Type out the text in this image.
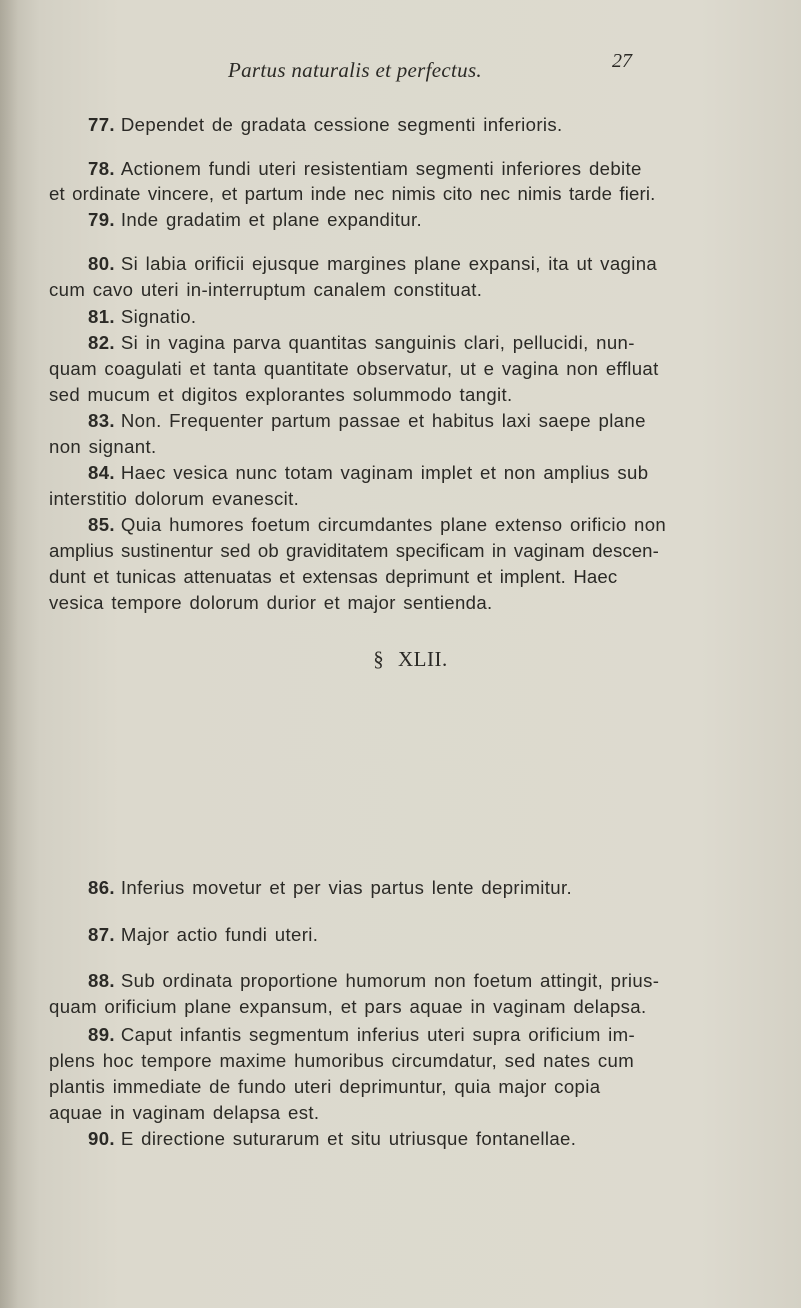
Partus naturalis et perfectus.	27
77. Dependet de gradata cessione segmenti inferioris.
78. Actionem fundi uteri resistentiam segmenti inferiores debite
et ordinate vincere, et partum inde nec nimis cito nec nimis tarde fieri.
79. Inde gradatim et plane expanditur.
80. Si labia orificii ejusque margines plane expansi, ita ut vagina
cum cavo uteri in-interruptum canalem constituat.
81. Signatio.
82. Si in vagina parva quantitas sanguinis clari, pellucidi, nun-
quam coagulati et tanta quantitate observatur, ut e vagina non effluat
sed mucum et digitos explorantes solummodo tangit.
83. Non. Frequenter partum passae et habitus laxi saepe plane
non signant.
84. Haec vesica nunc totam vaginam implet et non amplius sub
interstitio dolorum evanescit.
85. Quia humores foetum circumdantes plane extenso orificio non
amplius sustinentur sed ob graviditatem specificam in vaginam descen-
dunt et tunicas attenuatas et extensas deprimunt et implent. Haec
vesica tempore dolorum durior et major sentienda.
§ XLII.
86. Inferius movetur et per vias partus lente deprimitur.
87. Major actio fundi uteri.
88. Sub ordinata proportione humorum non foetum attingit, prius-
quam orificium plane expansum, et pars aquae in vaginam delapsa.
89. Caput infantis segmentum inferius uteri supra orificium im-
plens hoc tempore maxime humoribus circumdatur, sed nates cum
plantis immediate de fundo uteri deprimuntur, quia major copia
aquae in vaginam delapsa est.
90. E directione suturarum et situ utriusque fontanellae.
